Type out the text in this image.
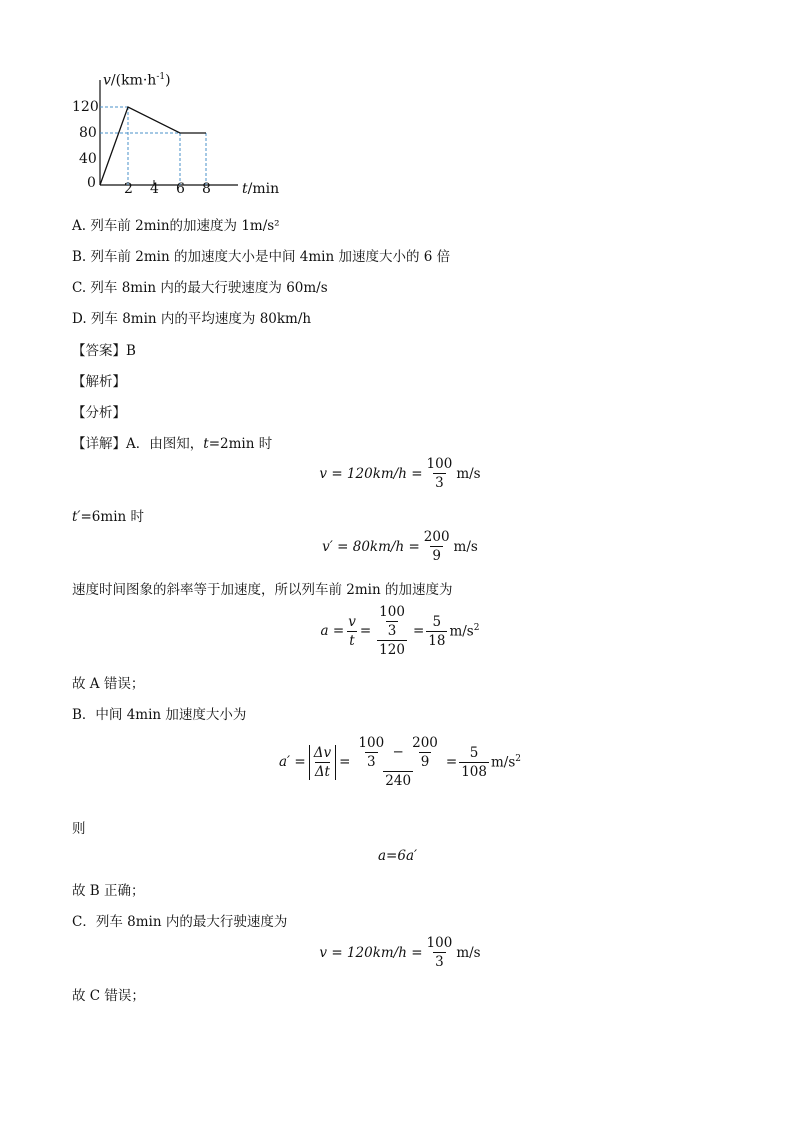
$v/(km\cdot h^{-1})$
120
80
40
0 2 4 6 8 t/min
A. 列车前 2min的加速度为 1m/s²
B. 列车前 2min 的加速度大小是中间 4min 加速度大小的 6 倍
C. 列车 8min 内的最大行驶速度为 60m/s
D. 列车 8min 内的平均速度为 80km/h
【答案】B
【解析】
【分析】
【详解】A．由图知，t=2min 时
$v = 120km/h = \frac{100}{3} m/s$
t′=6min 时
$v' = 80km/h = \frac{200}{9} m/s$
速度时间图象的斜率等于加速度，所以列车前 2min 的加速度为
$a = \frac{v}{t} = \frac{\frac{100}{3}}{120} = \frac{5}{18} m/s^2$
故 A 错误；
B．中间 4min 加速度大小为
$a' = \frac{\Delta v}{\Delta t} = \frac{\frac{100}{3} - \frac{200}{9}}{240} = \frac{5}{108} m/s^2$
则
a=6a′
故 B 正确；
C．列车 8min 内的最大行驶速度为
$v = 120km/h = \frac{100}{3} m/s$
故 C 错误；
